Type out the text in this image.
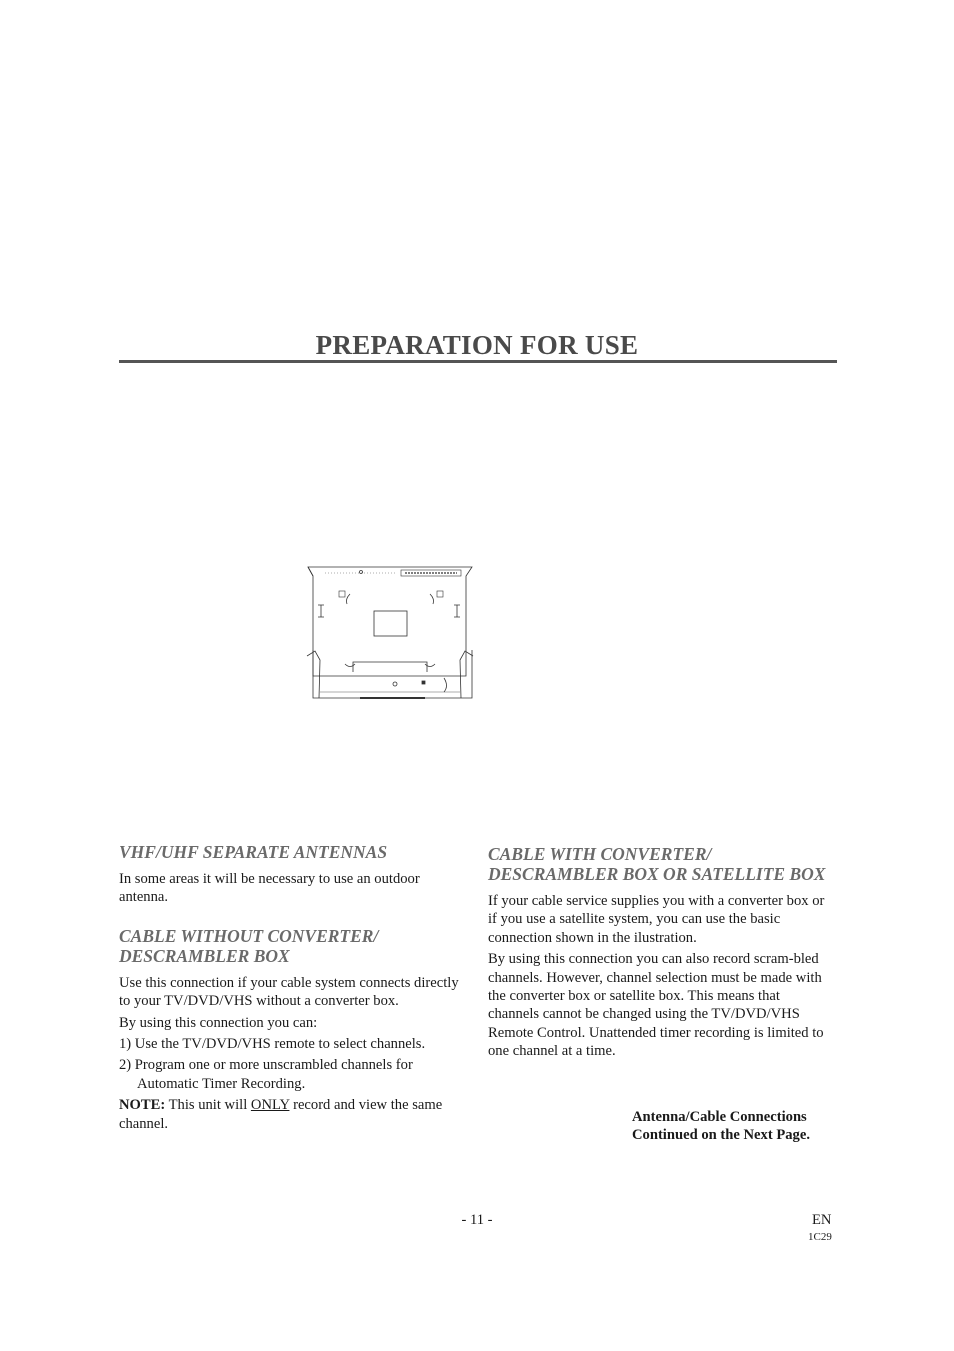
PREPARATION FOR USE
VHF/UHF SEPARATE ANTENNAS

In some areas it will be necessary to use an outdoor antenna.

CABLE WITHOUT CONVERTER/ DESCRAMBLER BOX

Use this connection if your cable system connects directly to your TV/DVD/VHS without a converter box.

By using this connection you can:

1) Use the TV/DVD/VHS remote to select channels.
2) Program one or more unscrambled channels for Automatic Timer Recording.

NOTE: This unit will ONLY record and view the same channel.

CABLE WITH CONVERTER/ DESCRAMBLER BOX OR SATELLITE BOX

If your cable service supplies you with a converter box or if you use a satellite system, you can use the basic connection shown in the ilustration.

By using this connection you can also record scram-bled channels. However, channel selection must be made with the converter box or satellite box. This means that channels cannot be changed using the TV/DVD/VHS Remote Control. Unattended timer recording is limited to one channel at a time.

Antenna/Cable Connections
Continued on the Next Page.
- 11 -	EN
1C29
